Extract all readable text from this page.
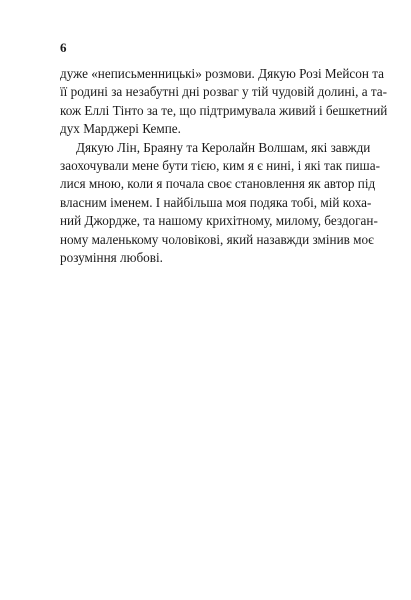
6
дуже «неписьменницькі» розмови. Дякую Розі Мейсон та
її родині за незабутні дні розваг у тій чудовій долині, а та-
кож Еллі Тінто за те, що підтримувала живий і бешкетний
дух Марджері Кемпе.
Дякую Лін, Браяну та Керолайн Волшам, які завжди
заохочували мене бути тією, ким я є нині, і які так пиша-
лися мною, коли я почала своє становлення як автор під
власним іменем. І найбільша моя подяка тобі, мій коха-
ний Джордже, та нашому крихітному, милому, бездоган-
ному маленькому чоловікові, який назавжди змінив моє
розуміння любові.
